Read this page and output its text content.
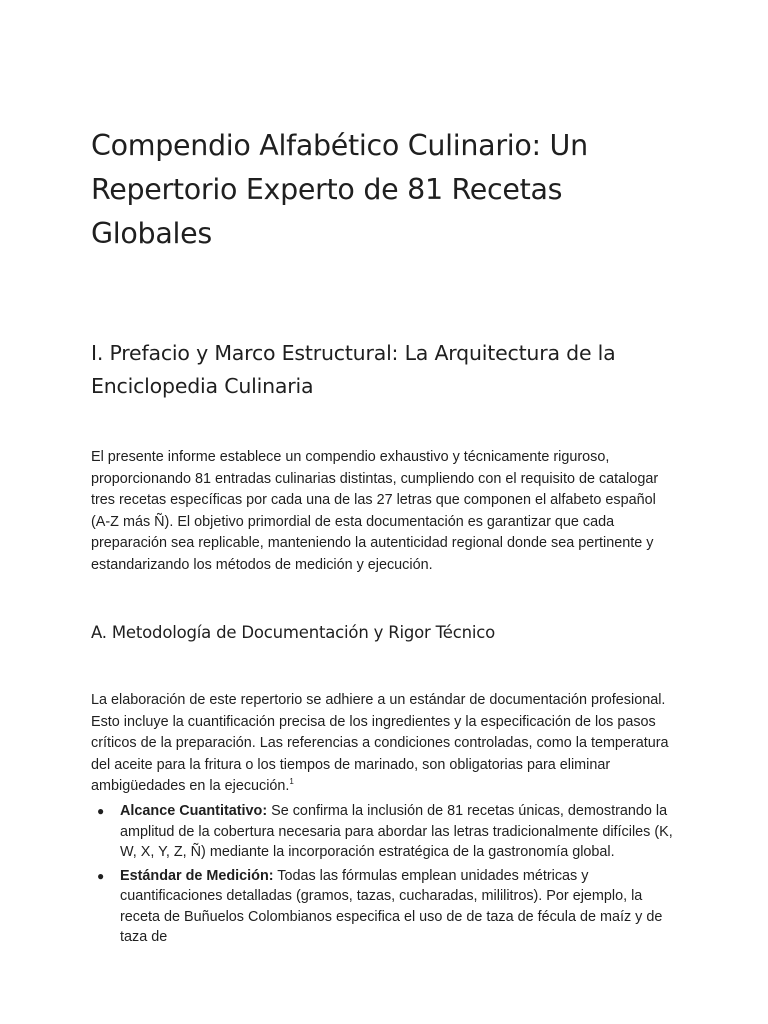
Compendio Alfabético Culinario: Un Repertorio Experto de 81 Recetas Globales
I. Prefacio y Marco Estructural: La Arquitectura de la Enciclopedia Culinaria

El presente informe establece un compendio exhaustivo y técnicamente riguroso, proporcionando 81 entradas culinarias distintas, cumpliendo con el requisito de catalogar tres recetas específicas por cada una de las 27 letras que componen el alfabeto español (A-Z más Ñ). El objetivo primordial de esta documentación es garantizar que cada preparación sea replicable, manteniendo la autenticidad regional donde sea pertinente y estandarizando los métodos de medición y ejecución.

A. Metodología de Documentación y Rigor Técnico

La elaboración de este repertorio se adhiere a un estándar de documentación profesional. Esto incluye la cuantificación precisa de los ingredientes y la especificación de los pasos críticos de la preparación. Las referencias a condiciones controladas, como la temperatura del aceite para la fritura o los tiempos de marinado, son obligatorias para eliminar ambigüedades en la ejecución.$^1$

● Alcance Cuantitativo: Se confirma la inclusión de 81 recetas únicas, demostrando la amplitud de la cobertura necesaria para abordar las letras tradicionalmente difíciles (K, W, X, Y, Z, Ñ) mediante la incorporación estratégica de la gastronomía global.
● Estándar de Medición: Todas las fórmulas emplean unidades métricas y cuantificaciones detalladas (gramos, tazas, cucharadas, mililitros). Por ejemplo, la receta de Buñuelos Colombianos especifica el uso de de taza de fécula de maíz y de taza de
